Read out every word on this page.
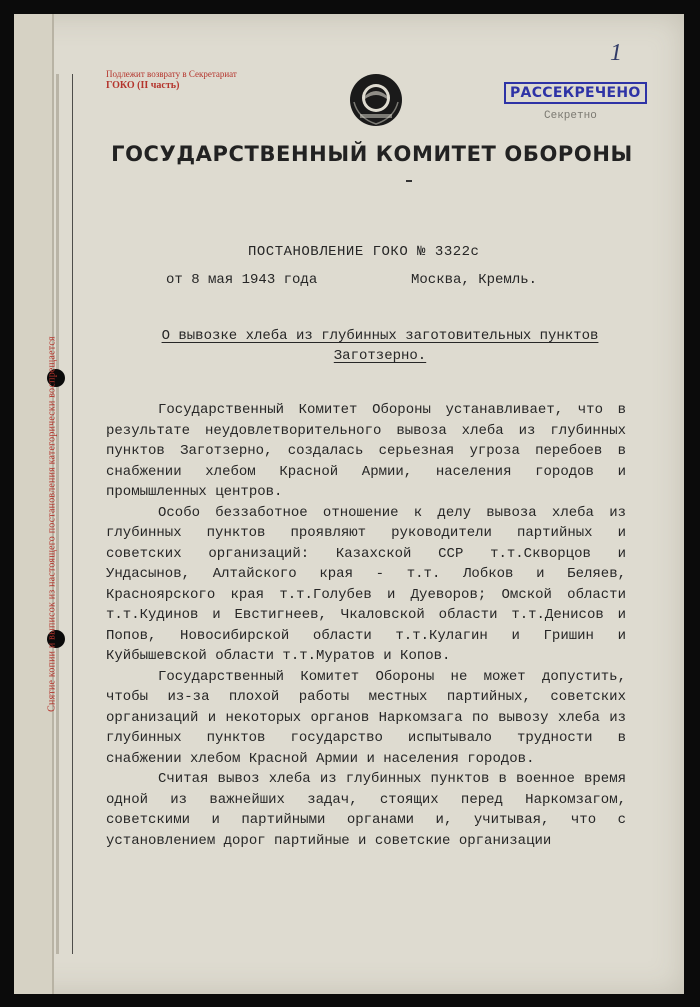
Снятие копии и выписок из настоящего постановления категорически воспрещается
Подлежит возврату в Секретариат
ГОКО (II часть)
1
Секретно
РАССЕКРЕЧЕНО
ГОСУДАРСТВЕННЫЙ КОМИТЕТ ОБОРОНЫ
ПОСТАНОВЛЕНИЕ ГОКО № 3322с
от 8 мая 1943 года	Москва, Кремль.
О вывозке хлеба из глубинных заготовительных пунктов Заготзерно.

Государственный Комитет Обороны устанавливает, что в результате неудовлетворительного вывоза хлеба из глубинных пунктов Заготзерно, создалась серьезная угроза перебоев в снабжении хлебом Красной Армии, населения городов и промышленных центров.

Особо беззаботное отношение к делу вывоза хлеба из глубинных пунктов проявляют руководители партийных и советских организаций: Казахской ССР т.т.Скворцов и Ундасынов, Алтайского края - т.т. Лобков и Беляев, Красноярского края т.т.Голубев и Дуеворов; Омской области т.т.Кудинов и Евстигнеев, Чкаловской области т.т.Денисов и Попов, Новосибирской области т.т.Кулагин и Гришин и Куйбышевской области т.т.Муратов и Копов.

Государственный Комитет Обороны не может допустить, чтобы из-за плохой работы местных партийных, советских организаций и некоторых органов Наркомзага по вывозу хлеба из глубинных пунктов государство испытывало трудности в снабжении хлебом Красной Армии и населения городов.

Считая вывоз хлеба из глубинных пунктов в военное время одной из важнейших задач, стоящих перед Наркомзагом, советскими и партийными органами и, учитывая, что с установлением дорог партийные и советские организации
